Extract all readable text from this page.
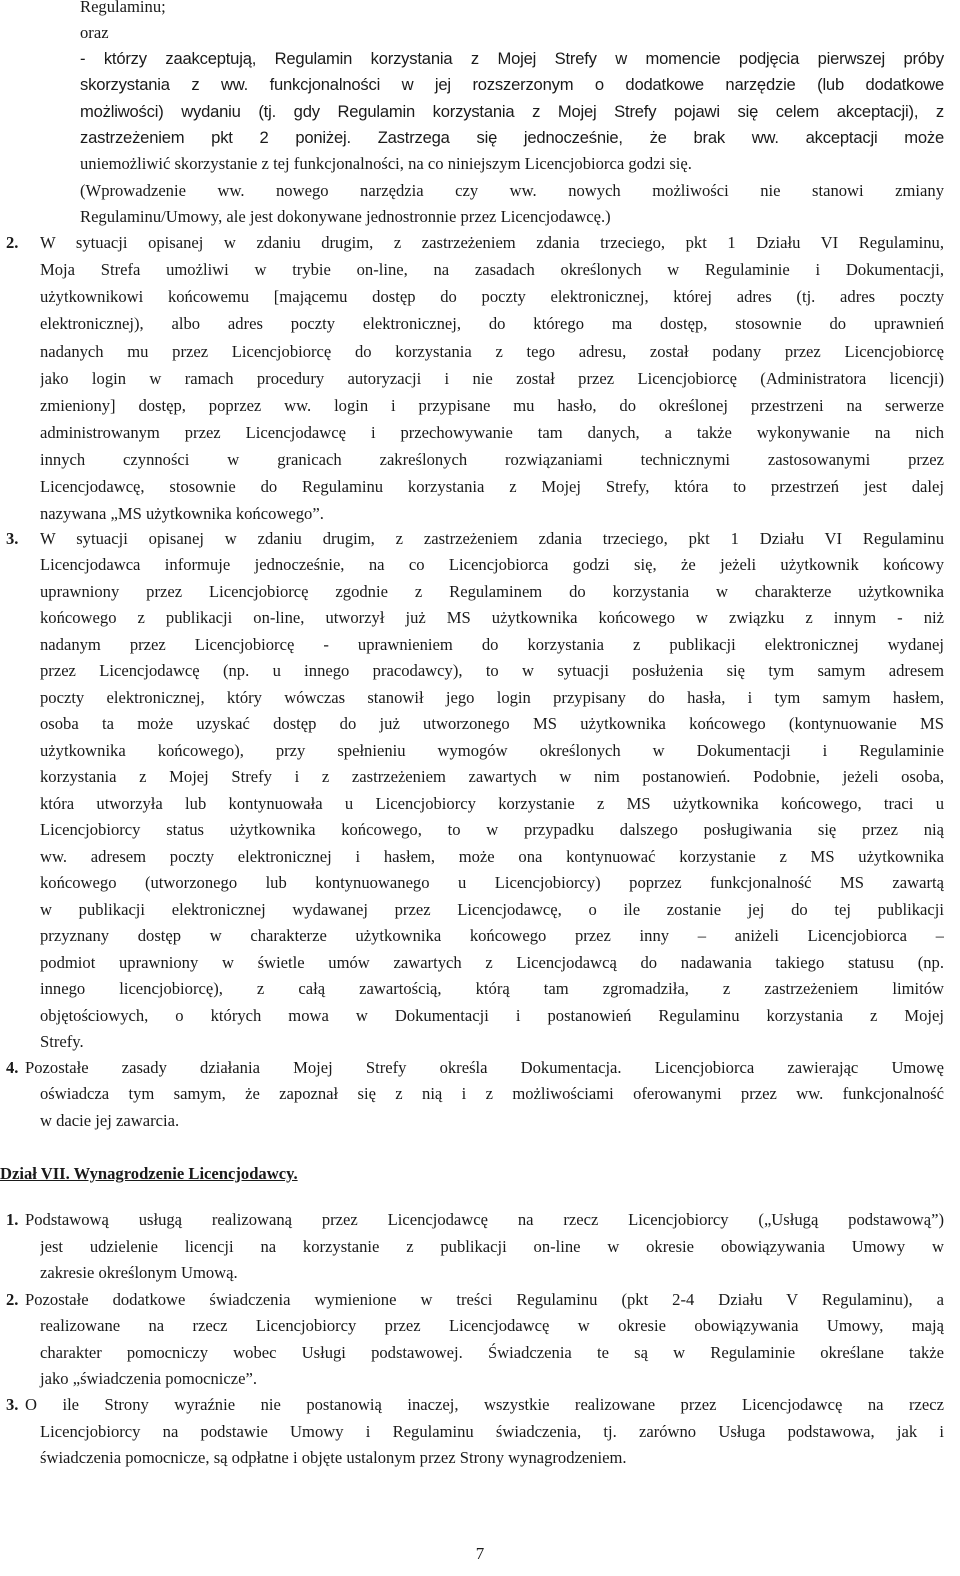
Regulaminu;
oraz
- którzy zaakceptują, Regulamin korzystania z Mojej Strefy w momencie podjęcia pierwszej próby
skorzystania z ww. funkcjonalności w jej rozszerzonym o dodatkowe narzędzie (lub dodatkowe
możliwości) wydaniu (tj. gdy Regulamin korzystania z Mojej Strefy pojawi się celem akceptacji), z
zastrzeżeniem pkt 2 poniżej. Zastrzega się jednocześnie, że brak ww. akceptacji może
uniemożliwić skorzystanie z tej funkcjonalności, na co niniejszym Licencjobiorca godzi się.
(Wprowadzenie ww. nowego narzędzia czy ww. nowych możliwości nie stanowi zmiany
Regulaminu/Umowy, ale jest dokonywane jednostronnie przez Licencjodawcę.)
2. W sytuacji opisanej w zdaniu drugim, z zastrzeżeniem zdania trzeciego, pkt 1 Działu VI Regulaminu,
Moja Strefa umożliwi w trybie on-line, na zasadach określonych w Regulaminie i Dokumentacji,
użytkownikowi końcowemu [mającemu dostęp do poczty elektronicznej, której adres (tj. adres poczty
elektronicznej), albo adres poczty elektronicznej, do którego ma dostęp, stosownie do uprawnień
nadanych mu przez Licencjobiorcę do korzystania z tego adresu, został podany przez Licencjobiorcę
jako login w ramach procedury autoryzacji i nie został przez Licencjobiorcę (Administratora licencji)
zmieniony] dostęp, poprzez ww. login i przypisane mu hasło, do określonej przestrzeni na serwerze
administrowanym przez Licencjodawcę i przechowywanie tam danych, a także wykonywanie na nich
innych czynności w granicach zakreślonych rozwiązaniami technicznymi zastosowanymi przez
Licencjodawcę, stosownie do Regulaminu korzystania z Mojej Strefy, która to przestrzeń jest dalej
nazywana „MS użytkownika końcowego”.
3. W sytuacji opisanej w zdaniu drugim, z zastrzeżeniem zdania trzeciego, pkt 1 Działu VI Regulaminu
Licencjodawca informuje jednocześnie, na co Licencjobiorca godzi się, że jeżeli użytkownik końcowy
uprawniony przez Licencjobiorcę zgodnie z Regulaminem do korzystania w charakterze użytkownika
końcowego z publikacji on-line, utworzył już MS użytkownika końcowego w związku z innym - niż
nadanym przez Licencjobiorcę - uprawnieniem do korzystania z publikacji elektronicznej wydanej
przez Licencjodawcę (np. u innego pracodawcy), to w sytuacji posłużenia się tym samym adresem
poczty elektronicznej, który wówczas stanowił jego login przypisany do hasła, i tym samym hasłem,
osoba ta może uzyskać dostęp do już utworzonego MS użytkownika końcowego (kontynuowanie MS
użytkownika końcowego), przy spełnieniu wymogów określonych w Dokumentacji i Regulaminie
korzystania z Mojej Strefy i z zastrzeżeniem zawartych w nim postanowień. Podobnie, jeżeli osoba,
która utworzyła lub kontynuowała u Licencjobiorcy korzystanie z MS użytkownika końcowego, traci u
Licencjobiorcy status użytkownika końcowego, to w przypadku dalszego posługiwania się przez nią
ww. adresem poczty elektronicznej i hasłem, może ona kontynuować korzystanie z MS użytkownika
końcowego (utworzonego lub kontynuowanego u Licencjobiorcy) poprzez funkcjonalność MS zawartą
w publikacji elektronicznej wydawanej przez Licencjodawcę, o ile zostanie jej do tej publikacji
przyznany dostęp w charakterze użytkownika końcowego przez inny – aniżeli Licencjobiorca –
podmiot uprawniony w świetle umów zawartych z Licencjodawcą do nadawania takiego statusu (np.
innego licencjobiorcę), z całą zawartością, którą tam zgromadziła, z zastrzeżeniem limitów
objętościowych, o których mowa w Dokumentacji i postanowień Regulaminu korzystania z Mojej
Strefy.
4. Pozostałe zasady działania Mojej Strefy określa Dokumentacja. Licencjobiorca zawierając Umowę
oświadcza tym samym, że zapoznał się z nią i z możliwościami oferowanymi przez ww. funkcjonalność
w dacie jej zawarcia.
Dział VII. Wynagrodzenie Licencjodawcy.
1. Podstawową usługą realizowaną przez Licencjodawcę na rzecz Licencjobiorcy („Usługą podstawową”)
jest udzielenie licencji na korzystanie z publikacji on-line w okresie obowiązywania Umowy w
zakresie określonym Umową.
2. Pozostałe dodatkowe świadczenia wymienione w treści Regulaminu (pkt 2-4 Działu V Regulaminu), a
realizowane na rzecz Licencjobiorcy przez Licencjodawcę w okresie obowiązywania Umowy, mają
charakter pomocniczy wobec Usługi podstawowej. Świadczenia te są w Regulaminie określane także
jako „świadczenia pomocnicze”.
3. O ile Strony wyraźnie nie postanowią inaczej, wszystkie realizowane przez Licencjodawcę na rzecz
Licencjobiorcy na podstawie Umowy i Regulaminu świadczenia, tj. zarówno Usługa podstawowa, jak i
świadczenia pomocnicze, są odpłatne i objęte ustalonym przez Strony wynagrodzeniem.
7
